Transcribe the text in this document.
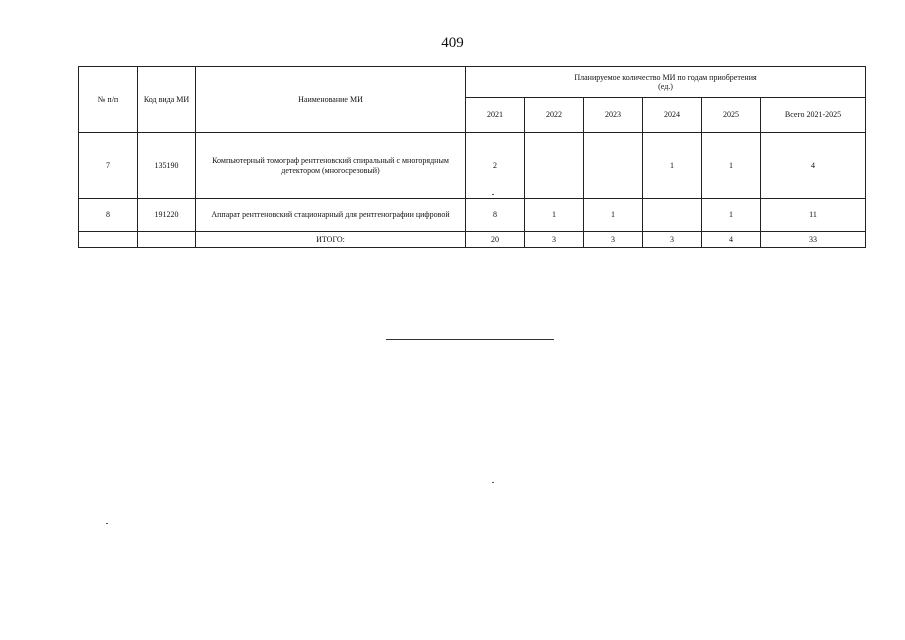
409
№ п/п	Код вида МИ	Наименование МИ	Планируемое количество МИ по годам приобретения
(ед.)					

			2021	2022	2023	2024	2025	Всего 2021-2025
7	135190	Компьютерный томограф рентгеновский спиральный с многорядным детектором (многосрезовый)	2			1	1	4
8	191220	Аппарат рентгеновский стационарный для рентгенографии цифровой	8	1	1		1	11
		ИТОГО:	20	3	3	3	4	33
